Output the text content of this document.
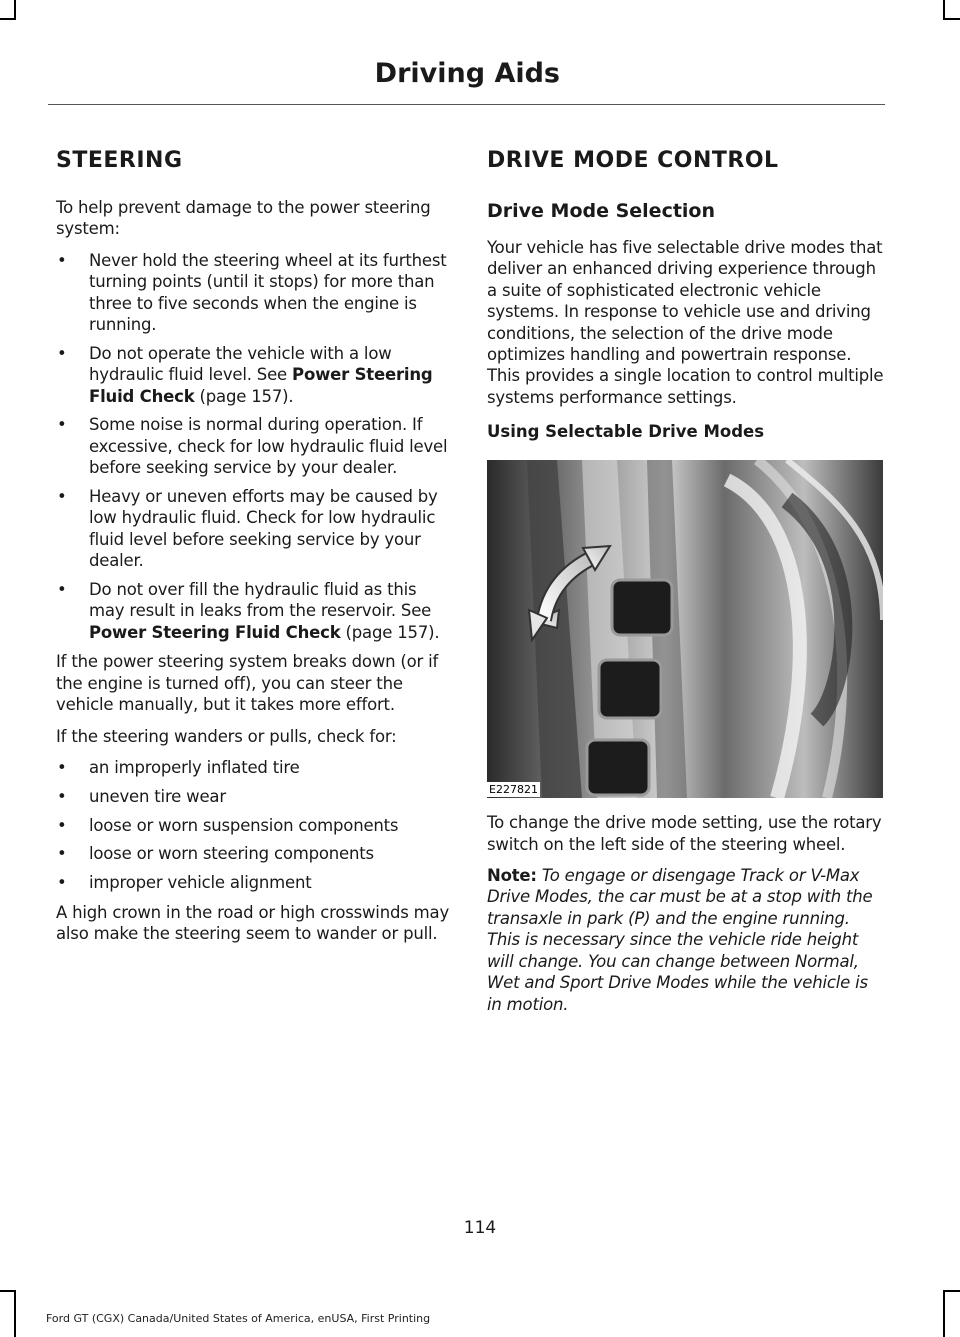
Driving Aids
STEERING

To help prevent damage to the power steering system:

• Never hold the steering wheel at its furthest turning points (until it stops) for more than three to five seconds when the engine is running.
• Do not operate the vehicle with a low hydraulic fluid level. See Power Steering Fluid Check (page 157).
• Some noise is normal during operation. If excessive, check for low hydraulic fluid level before seeking service by your dealer.
• Heavy or uneven efforts may be caused by low hydraulic fluid. Check for low hydraulic fluid level before seeking service by your dealer.
• Do not over fill the hydraulic fluid as this may result in leaks from the reservoir. See Power Steering Fluid Check (page 157).

If the power steering system breaks down (or if the engine is turned off), you can steer the vehicle manually, but it takes more effort.

If the steering wanders or pulls, check for:

• an improperly inflated tire
• uneven tire wear
• loose or worn suspension components
• loose or worn steering components
• improper vehicle alignment

A high crown in the road or high crosswinds may also make the steering seem to wander or pull.

DRIVE MODE CONTROL
Drive Mode Selection

Your vehicle has five selectable drive modes that deliver an enhanced driving experience through a suite of sophisticated electronic vehicle systems. In response to vehicle use and driving conditions, the selection of the drive mode optimizes handling and powertrain response. This provides a single location to control multiple systems performance settings.

Using Selectable Drive Modes
E227821

To change the drive mode setting, use the rotary switch on the left side of the steering wheel.

Note: To engage or disengage Track or V-Max Drive Modes, the car must be at a stop with the transaxle in park (P) and the engine running. This is necessary since the vehicle ride height will change. You can change between Normal, Wet and Sport Drive Modes while the vehicle is in motion.

114
Ford GT (CGX) Canada/United States of America, enUSA, First Printing
